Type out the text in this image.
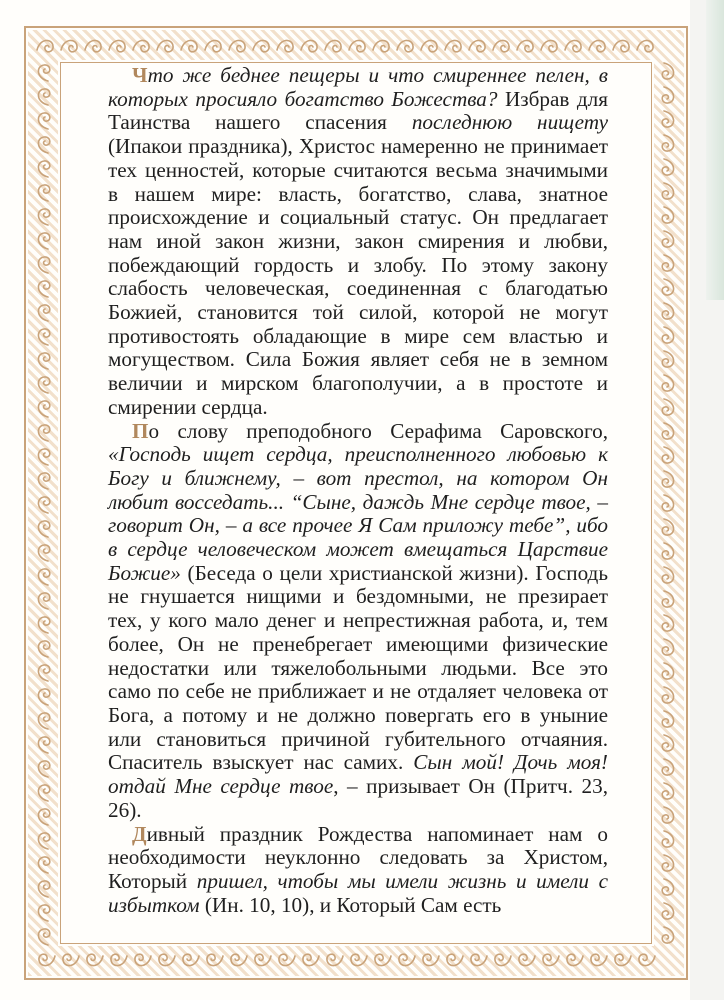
Что же беднее пещеры и что смиреннее пелен, в которых просияло богатство Божества? Избрав для Таинства нашего спасения последнюю нищету (Ипакои праздника), Христос намеренно не принимает тех ценностей, которые считаются весьма значимыми в нашем мире: власть, богатство, слава, знатное происхождение и социальный статус. Он предлагает нам иной закон жизни, закон смирения и любви, побеждающий гордость и злобу. По этому закону слабость человеческая, соединенная с благодатью Божией, становится той силой, которой не могут противостоять обладающие в мире сем властью и могуществом. Сила Божия являет себя не в земном величии и мирском благополучии, а в простоте и смирении сердца.

По слову преподобного Серафима Саровского, «Господь ищет сердца, преисполненного любовью к Богу и ближнему, – вот престол, на котором Он любит восседать... “Сыне, даждь Мне сердце твое, – говорит Он, – а все прочее Я Сам приложу тебе”, ибо в сердце человеческом может вмещаться Царствие Божие» (Беседа о цели христианской жизни). Господь не гнушается нищими и бездомными, не презирает тех, у кого мало денег и непрестижная работа, и, тем более, Он не пренебрегает имеющими физические недостатки или тяжелобольными людьми. Все это само по себе не приближает и не отдаляет человека от Бога, а потому и не должно повергать его в уныние или становиться причиной губительного отчаяния. Спаситель взыскует нас самих. Сын мой! Дочь моя! отдай Мне сердце твое, – призывает Он (Притч. 23, 26).

Дивный праздник Рождества напоминает нам о необходимости неуклонно следовать за Христом, Который пришел, чтобы мы имели жизнь и имели с избытком (Ин. 10, 10), и Который Сам есть
